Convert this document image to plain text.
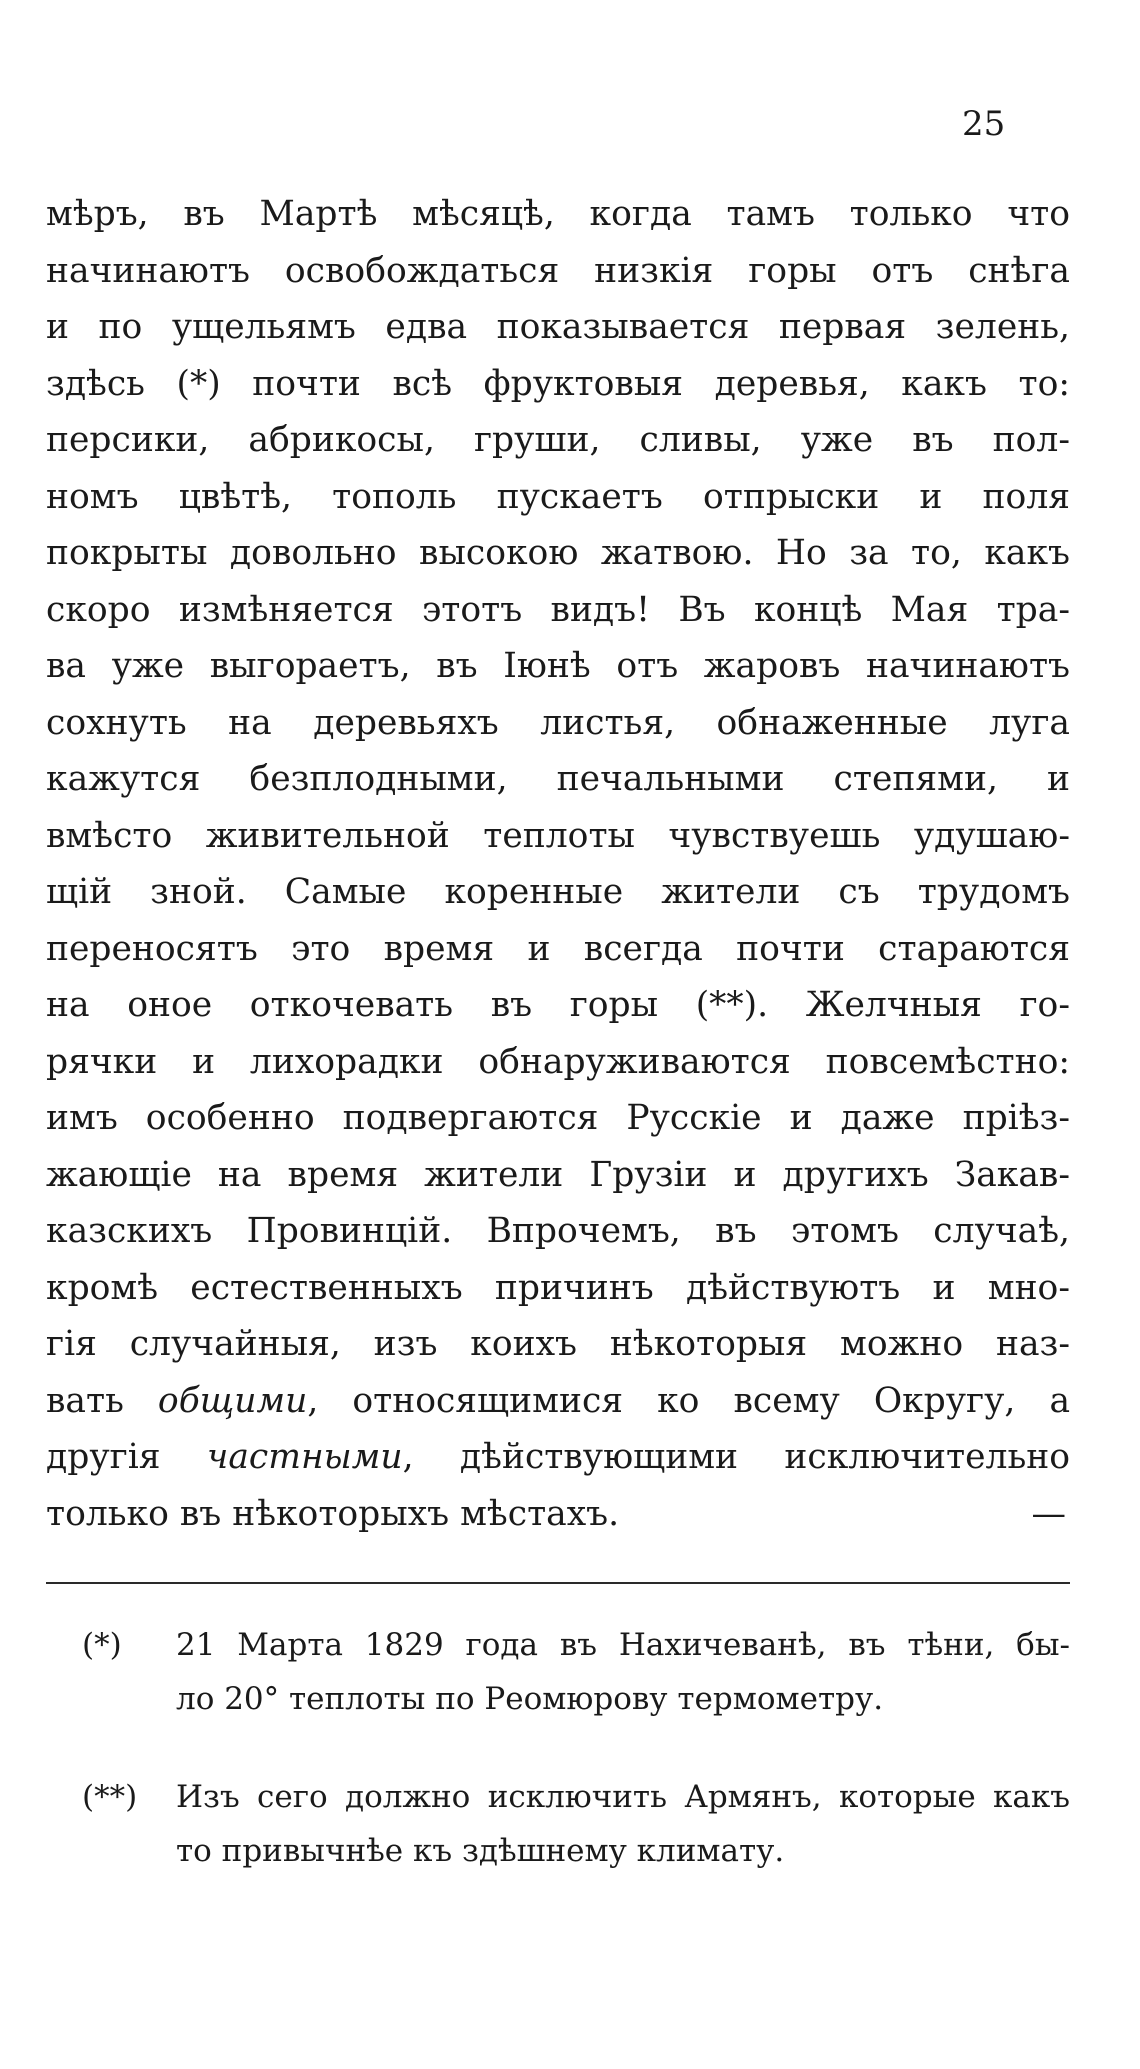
25
мѣръ, въ Мартѣ мѣсяцѣ, когда тамъ только что
начинаютъ освобождаться низкія горы отъ снѣга
и по ущельямъ едва показывается первая зелень,
здѣсь (*) почти всѣ фруктовыя деревья, какъ то:
персики, абрикосы, груши, сливы, уже въ пол-
номъ цвѣтѣ, тополь пускаетъ отпрыски и поля
покрыты довольно высокою жатвою. Но за то, какъ
скоро измѣняется этотъ видъ! Въ концѣ Мая тра-
ва уже выгораетъ, въ Іюнѣ отъ жаровъ начинаютъ
сохнуть на деревьяхъ листья, обнаженные луга
кажутся безплодными, печальными степями, и
вмѣсто живительной теплоты чувствуешь удушаю-
щій зной. Самые коренные жители съ трудомъ
переносятъ это время и всегда почти стараются
на оное откочевать въ горы (**). Желчныя го-
рячки и лихорадки обнаруживаются повсемѣстно:
имъ особенно подвергаются Русскіе и даже пріѣз-
жающіе на время жители Грузіи и другихъ Закав-
казскихъ Провинцій. Впрочемъ, въ этомъ случаѣ,
кромѣ естественныхъ причинъ дѣйствуютъ и мно-
гія случайныя, изъ коихъ нѣкоторыя можно наз-
вать общими, относящимися ко всему Округу, а
другія частными, дѣйствующими исключительно
только въ нѣкоторыхъ мѣстахъ.	—
(*) 21 Марта 1829 года въ Нахичеванѣ, въ тѣни, бы-
ло 20° теплоты по Реомюрову термометру.
(**) Изъ сего должно исключить Армянъ, которые какъ
то привычнѣе къ здѣшнему климату.
